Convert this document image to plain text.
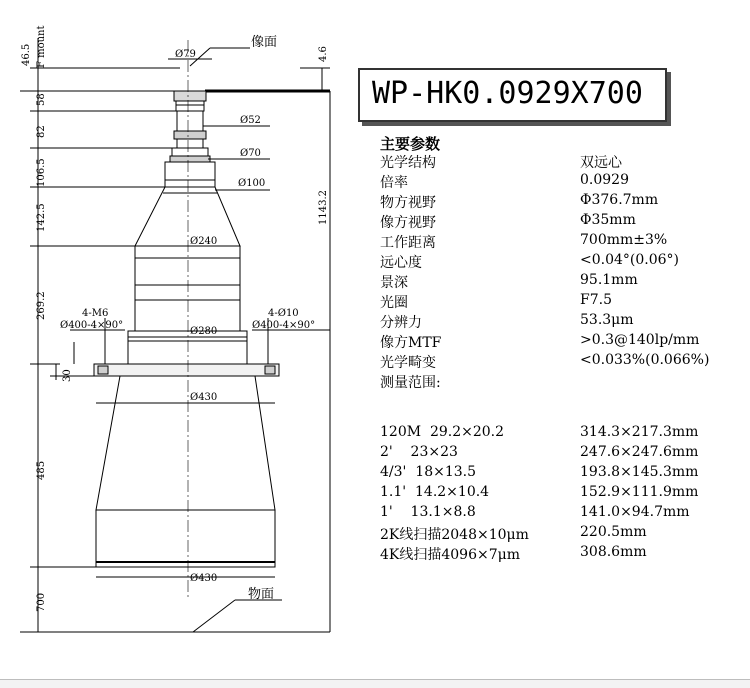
像面
物面
Ø79
Ø52
Ø70
Ø100
Ø240
Ø280
Ø430
Ø430
4-M6
Ø400-4×90°
4-Ø10
Ø400-4×90°
46.5 F mount
58
82
106.5
142.5
269.2
30
485
700
4.6
1143.2
WP-HK0.0929X700
主要参数
光学结构	双远心
倍率	0.0929
物方视野	Φ376.7mm
像方视野	Φ35mm
工作距离	700mm±3%
远心度	<0.04°(0.06°)
景深	95.1mm
光圈	F7.5
分辨力	53.3μm
像方MTF	>0.3@140lp/mm
光学畸变	<0.033%(0.066%)
测量范围:
120M  29.2×20.2	314.3×217.3mm
2'    23×23	247.6×247.6mm
4/3'  18×13.5	193.8×145.3mm
1.1'  14.2×10.4	152.9×111.9mm
1'    13.1×8.8	141.0×94.7mm
2K线扫描2048×10μm	220.5mm
4K线扫描4096×7μm	308.6mm
